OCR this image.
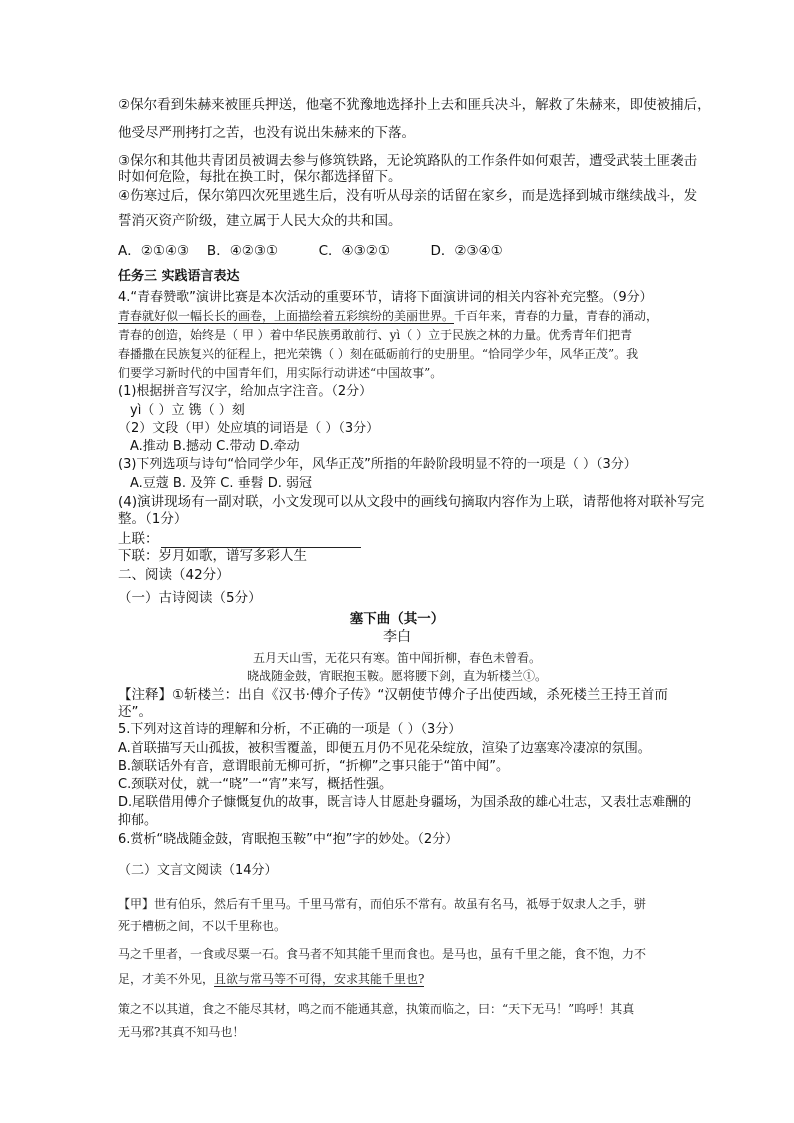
②保尔看到朱赫来被匪兵押送，他毫不犹豫地选择扑上去和匪兵决斗，解救了朱赫来，即使被捕后，
他受尽严刑拷打之苦，也没有说出朱赫来的下落。
③保尔和其他共青团员被调去参与修筑铁路，无论筑路队的工作条件如何艰苦，遭受武装土匪袭击
时如何危险，每批在换工时，保尔都选择留下。
④伤寒过后，保尔第四次死里逃生后，没有听从母亲的话留在家乡，而是选择到城市继续战斗，发
誓消灭资产阶级，建立属于人民大众的共和国。
A．②①④③　 B．④②③①　　　C．④③②①　　　D．②③④①
任务三 实践语言表达
4.“青春赞歌”演讲比赛是本次活动的重要环节，请将下面演讲词的相关内容补充完整。（9分）
青春就好似一幅长长的画卷，上面描绘着五彩缤纷的美丽世界。千百年来，青春的力量，青春的涌动，
青春的创造，始终是（ 甲 ）着中华民族勇敢前行、yì（ ）立于民族之林的力量。优秀青年们把青
春播撒在民族复兴的征程上，把光荣镌（ ）刻在砥砺前行的史册里。“恰同学少年，风华正茂”。我
们要学习新时代的中国青年们，用实际行动讲述“中国故事”。
(1)根据拼音写汉字，给加点字注音。（2分）
yì（ ）立 镌（ ）刻
（2）文段（甲）处应填的词语是（ ）（3分）
A.推动 B.撼动 C.带动 D.牵动
(3)下列选项与诗句“恰同学少年，风华正茂”所指的年龄阶段明显不符的一项是（ ）（3分）
A.豆蔻 B. 及笄 C. 垂髫 D. 弱冠
(4)演讲现场有一副对联，小文发现可以从文段中的画线句摘取内容作为上联，请帮他将对联补写完
整。（1分）
上联：
下联：岁月如歌，谱写多彩人生
二、阅读（42分）
（一）古诗阅读（5分）
塞下曲（其一）
李白
五月天山雪，无花只有寒。笛中闻折柳，春色未曾看。
晓战随金鼓，宵眠抱玉鞍。愿将腰下剑，直为斩楼兰①。
【注释】①斩楼兰：出自《汉书·傅介子传》“汉朝使节傅介子出使西域，杀死楼兰王持王首而
还”。
5.下列对这首诗的理解和分析，不正确的一项是（ ）（3分）
A.首联描写天山孤拔，被积雪覆盖，即便五月仍不见花朵绽放，渲染了边塞寒冷凄凉的氛围。
B.颔联话外有音，意谓眼前无柳可折，“折柳”之事只能于“笛中闻”。
C.颈联对仗，就一“晓”一“宵”来写，概括性强。
D.尾联借用傅介子慷慨复仇的故事，既言诗人甘愿赴身疆场，为国杀敌的雄心壮志，又表壮志难酬的
抑郁。
6.赏析“晓战随金鼓，宵眠抱玉鞍”中“抱”字的妙处。（2分）
（二）文言文阅读（14分）
【甲】世有伯乐，然后有千里马。千里马常有，而伯乐不常有。故虽有名马，祗辱于奴隶人之手，骈
死于槽枥之间，不以千里称也。
马之千里者，一食或尽粟一石。食马者不知其能千里而食也。是马也，虽有千里之能，食不饱，力不
足，才美不外见，且欲与常马等不可得，安求其能千里也?
策之不以其道，食之不能尽其材，鸣之而不能通其意，执策而临之，曰：“天下无马！”呜呼！其真
无马邪?其真不知马也！
